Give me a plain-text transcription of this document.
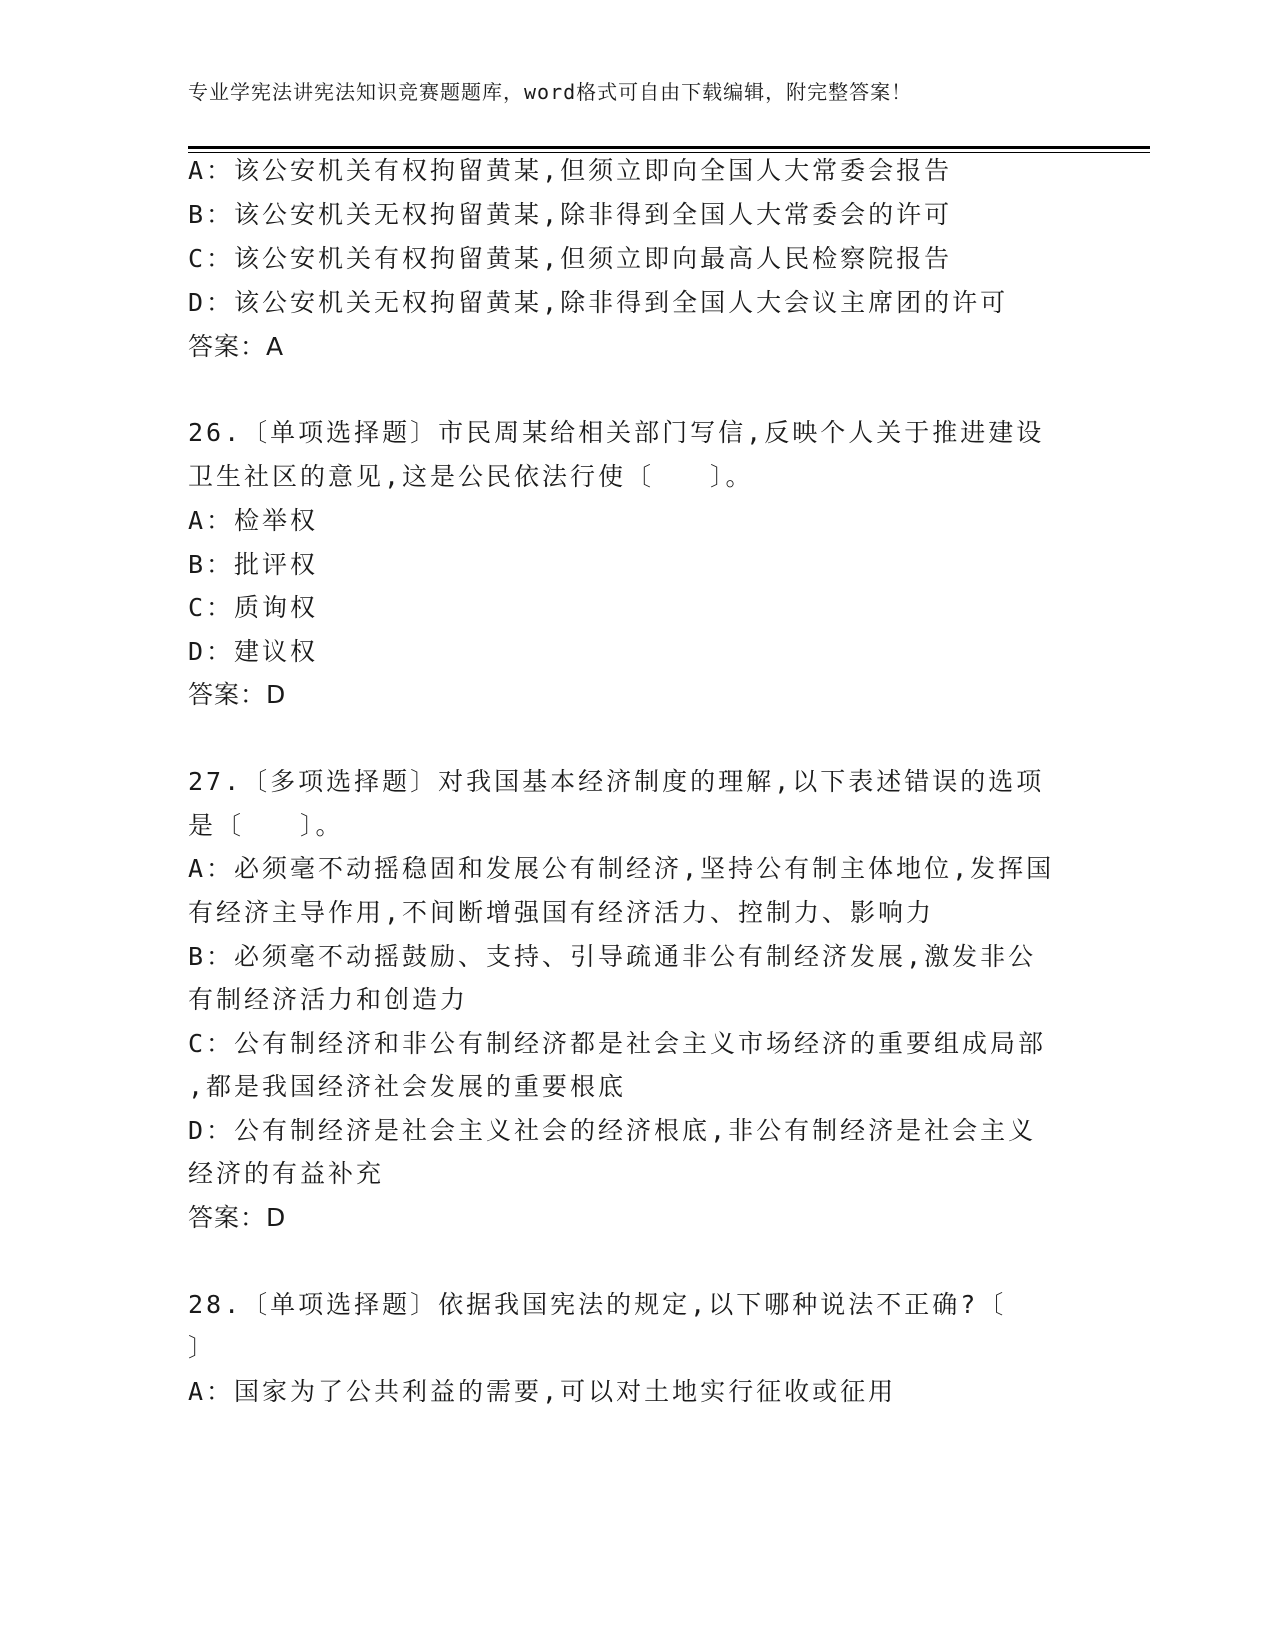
专业学宪法讲宪法知识竞赛题题库，word格式可自由下载编辑，附完整答案！
A：该公安机关有权拘留黄某,但须立即向全国人大常委会报告
B：该公安机关无权拘留黄某,除非得到全国人大常委会的许可
C：该公安机关有权拘留黄某,但须立即向最高人民检察院报告
D：该公安机关无权拘留黄某,除非得到全国人大会议主席团的许可
答案：A
26.〔单项选择题〕市民周某给相关部门写信,反映个人关于推进建设
卫生社区的意见,这是公民依法行使〔　　〕。
A：检举权
B：批评权
C：质询权
D：建议权
答案：D
27.〔多项选择题〕对我国基本经济制度的理解,以下表述错误的选项
是〔　　〕。
A：必须毫不动摇稳固和发展公有制经济,坚持公有制主体地位,发挥国
有经济主导作用,不间断增强国有经济活力、控制力、影响力
B：必须毫不动摇鼓励、支持、引导疏通非公有制经济发展,激发非公
有制经济活力和创造力
C：公有制经济和非公有制经济都是社会主义市场经济的重要组成局部
,都是我国经济社会发展的重要根底
D：公有制经济是社会主义社会的经济根底,非公有制经济是社会主义
经济的有益补充
答案：D
28.〔单项选择题〕依据我国宪法的规定,以下哪种说法不正确?〔
〕
A：国家为了公共利益的需要,可以对土地实行征收或征用
